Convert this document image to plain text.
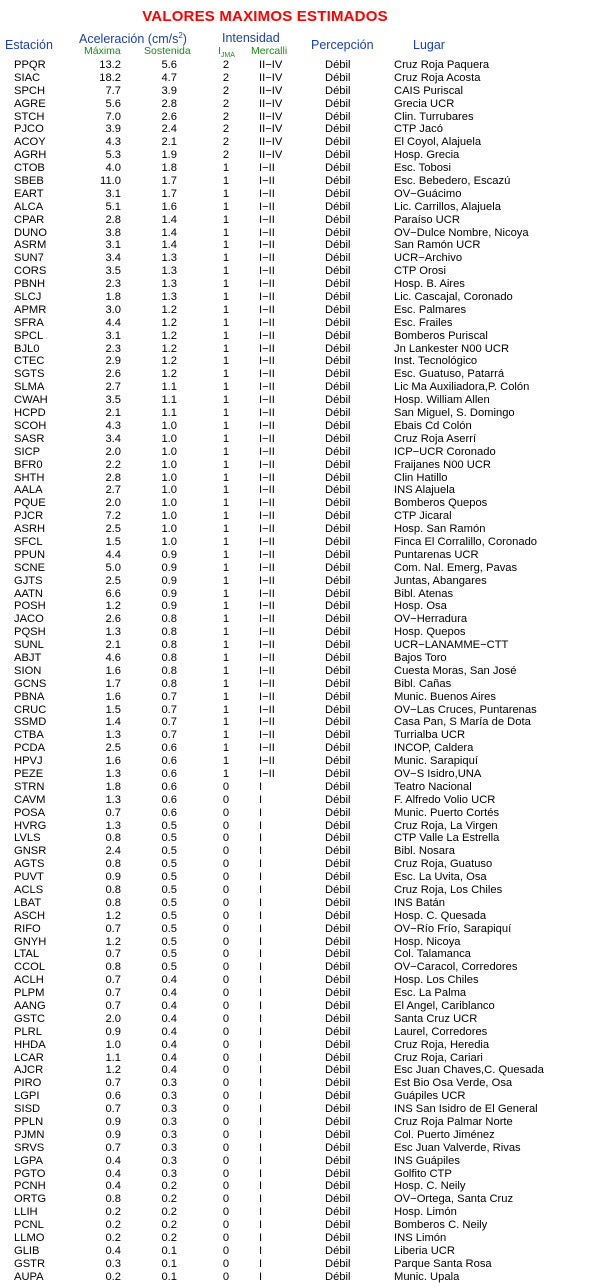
VALORES MAXIMOS ESTIMADOS
Estación Aceleración $(cm/s^2)$
Máxima Sostenida
Intensidad
$I_{JMA}$ Mercalli Percepción	Lugar
PPQR	13.2	5.6	2	II−IV	Débil	Cruz Roja Paquera
SIAC	18.2	4.7	2	II−IV	Débil	Cruz Roja Acosta
SPCH	7.7	3.9	2	II−IV	Débil	CAIS Puriscal
AGRE	5.6	2.8	2	II−IV	Débil	Grecia UCR
STCH	7.0	2.6	2	II−IV	Débil	Clin. Turrubares
PJCO	3.9	2.4	2	II−IV	Débil	CTP Jacó
ACOY	4.3	2.1	2	II−IV	Débil	El Coyol, Alajuela
AGRH	5.3	1.9	2	II−IV	Débil	Hosp. Grecia
CTOB	4.0	1.8	1	I−II	Débil	Esc. Tobosi
SBEB	11.0	1.7	1	I−II	Débil	Esc. Bebedero, Escazú
EART	3.1	1.7	1	I−II	Débil	OV−Guácimo
ALCA	5.1	1.6	1	I−II	Débil	Lic. Carrillos, Alajuela
CPAR	2.8	1.4	1	I−II	Débil	Paraíso UCR
DUNO	3.8	1.4	1	I−II	Débil	OV−Dulce Nombre, Nicoya
ASRM	3.1	1.4	1	I−II	Débil	San Ramón UCR
SUN7	3.4	1.3	1	I−II	Débil	UCR−Archivo
CORS	3.5	1.3	1	I−II	Débil	CTP Orosi
PBNH	2.3	1.3	1	I−II	Débil	Hosp. B. Aires
SLCJ	1.8	1.3	1	I−II	Débil	Lic. Cascajal, Coronado
APMR	3.0	1.2	1	I−II	Débil	Esc. Palmares
SFRA	4.4	1.2	1	I−II	Débil	Esc. Frailes
SPCL	3.1	1.2	1	I−II	Débil	Bomberos Puriscal
BJL0	2.3	1.2	1	I−II	Débil	Jn Lankester N00 UCR
CTEC	2.9	1.2	1	I−II	Débil	Inst. Tecnológico
SGTS	2.6	1.2	1	I−II	Débil	Esc. Guatuso, Patarrá
SLMA	2.7	1.1	1	I−II	Débil	Lic Ma Auxiliadora,P. Colón
CWAH	3.5	1.1	1	I−II	Débil	Hosp. William Allen
HCPD	2.1	1.1	1	I−II	Débil	San Miguel, S. Domingo
SCOH	4.3	1.0	1	I−II	Débil	Ebais Cd Colón
SASR	3.4	1.0	1	I−II	Débil	Cruz Roja Aserrí
SICP	2.0	1.0	1	I−II	Débil	ICP−UCR Coronado
BFR0	2.2	1.0	1	I−II	Débil	Fraijanes N00 UCR
SHTH	2.8	1.0	1	I−II	Débil	Clin Hatillo
AALA	2.7	1.0	1	I−II	Débil	INS Alajuela
PQUE	2.0	1.0	1	I−II	Débil	Bomberos Quepos
PJCR	7.2	1.0	1	I−II	Débil	CTP Jicaral
ASRH	2.5	1.0	1	I−II	Débil	Hosp. San Ramón
SFCL	1.5	1.0	1	I−II	Débil	Finca El Corralillo, Coronado
PPUN	4.4	0.9	1	I−II	Débil	Puntarenas UCR
SCNE	5.0	0.9	1	I−II	Débil	Com. Nal. Emerg, Pavas
GJTS	2.5	0.9	1	I−II	Débil	Juntas, Abangares
AATN	6.6	0.9	1	I−II	Débil	Bibl. Atenas
POSH	1.2	0.9	1	I−II	Débil	Hosp. Osa
JACO	2.6	0.8	1	I−II	Débil	OV−Herradura
PQSH	1.3	0.8	1	I−II	Débil	Hosp. Quepos
SUNL	2.1	0.8	1	I−II	Débil	UCR−LANAMME−CTT
ABJT	4.6	0.8	1	I−II	Débil	Bajos Toro
SION	1.6	0.8	1	I−II	Débil	Cuesta Moras, San José
GCNS	1.7	0.8	1	I−II	Débil	Bibl. Cañas
PBNA	1.6	0.7	1	I−II	Débil	Munic. Buenos Aires
CRUC	1.5	0.7	1	I−II	Débil	OV−Las Cruces, Puntarenas
SSMD	1.4	0.7	1	I−II	Débil	Casa Pan, S María de Dota
CTBA	1.3	0.7	1	I−II	Débil	Turrialba UCR
PCDA	2.5	0.6	1	I−II	Débil	INCOP, Caldera
HPVJ	1.6	0.6	1	I−II	Débil	Munic. Sarapiquí
PEZE	1.3	0.6	1	I−II	Débil	OV−S Isidro,UNA
STRN	1.8	0.6	0	I	Débil	Teatro Nacional
CAVM	1.3	0.6	0	I	Débil	F. Alfredo Volio UCR
POSA	0.7	0.6	0	I	Débil	Munic. Puerto Cortés
HVRG	1.3	0.5	0	I	Débil	Cruz Roja, La Virgen
LVLS	0.8	0.5	0	I	Débil	CTP Valle La Estrella
GNSR	2.4	0.5	0	I	Débil	Bibl. Nosara
AGTS	0.8	0.5	0	I	Débil	Cruz Roja, Guatuso
PUVT	0.9	0.5	0	I	Débil	Esc. La Uvita, Osa
ACLS	0.8	0.5	0	I	Débil	Cruz Roja, Los Chiles
LBAT	0.8	0.5	0	I	Débil	INS Batán
ASCH	1.2	0.5	0	I	Débil	Hosp. C. Quesada
RIFO	0.7	0.5	0	I	Débil	OV−Río Frío, Sarapiquí
GNYH	1.2	0.5	0	I	Débil	Hosp. Nicoya
LTAL	0.7	0.5	0	I	Débil	Col. Talamanca
CCOL	0.8	0.5	0	I	Débil	OV−Caracol, Corredores
ACLH	0.7	0.4	0	I	Débil	Hosp. Los Chiles
PLPM	0.7	0.4	0	I	Débil	Esc. La Palma
AANG	0.7	0.4	0	I	Débil	El Angel, Cariblanco
GSTC	2.0	0.4	0	I	Débil	Santa Cruz UCR
PLRL	0.9	0.4	0	I	Débil	Laurel, Corredores
HHDA	1.0	0.4	0	I	Débil	Cruz Roja, Heredia
LCAR	1.1	0.4	0	I	Débil	Cruz Roja, Cariari
AJCR	1.2	0.4	0	I	Débil	Esc Juan Chaves,C. Quesada
PIRO	0.7	0.3	0	I	Débil	Est Bio Osa Verde, Osa
LGPI	0.6	0.3	0	I	Débil	Guápiles UCR
SISD	0.7	0.3	0	I	Débil	INS San Isidro de El General
PPLN	0.9	0.3	0	I	Débil	Cruz Roja Palmar Norte
PJMN	0.9	0.3	0	I	Débil	Col. Puerto Jiménez
SRVS	0.7	0.3	0	I	Débil	Esc Juan Valverde, Rivas
LGPA	0.4	0.3	0	I	Débil	INS Guápiles
PGTO	0.4	0.3	0	I	Débil	Golfito CTP
PCNH	0.4	0.2	0	I	Débil	Hosp. C. Neily
ORTG	0.8	0.2	0	I	Débil	OV−Ortega, Santa Cruz
LLIH	0.2	0.2	0	I	Débil	Hosp. Limón
PCNL	0.2	0.2	0	I	Débil	Bomberos C. Neily
LLMO	0.2	0.2	0	I	Débil	INS Limón
GLIB	0.4	0.1	0	I	Débil	Liberia UCR
GSTR	0.3	0.1	0	I	Débil	Parque Santa Rosa
AUPA	0.2	0.1	0	I	Débil	Munic. Upala
